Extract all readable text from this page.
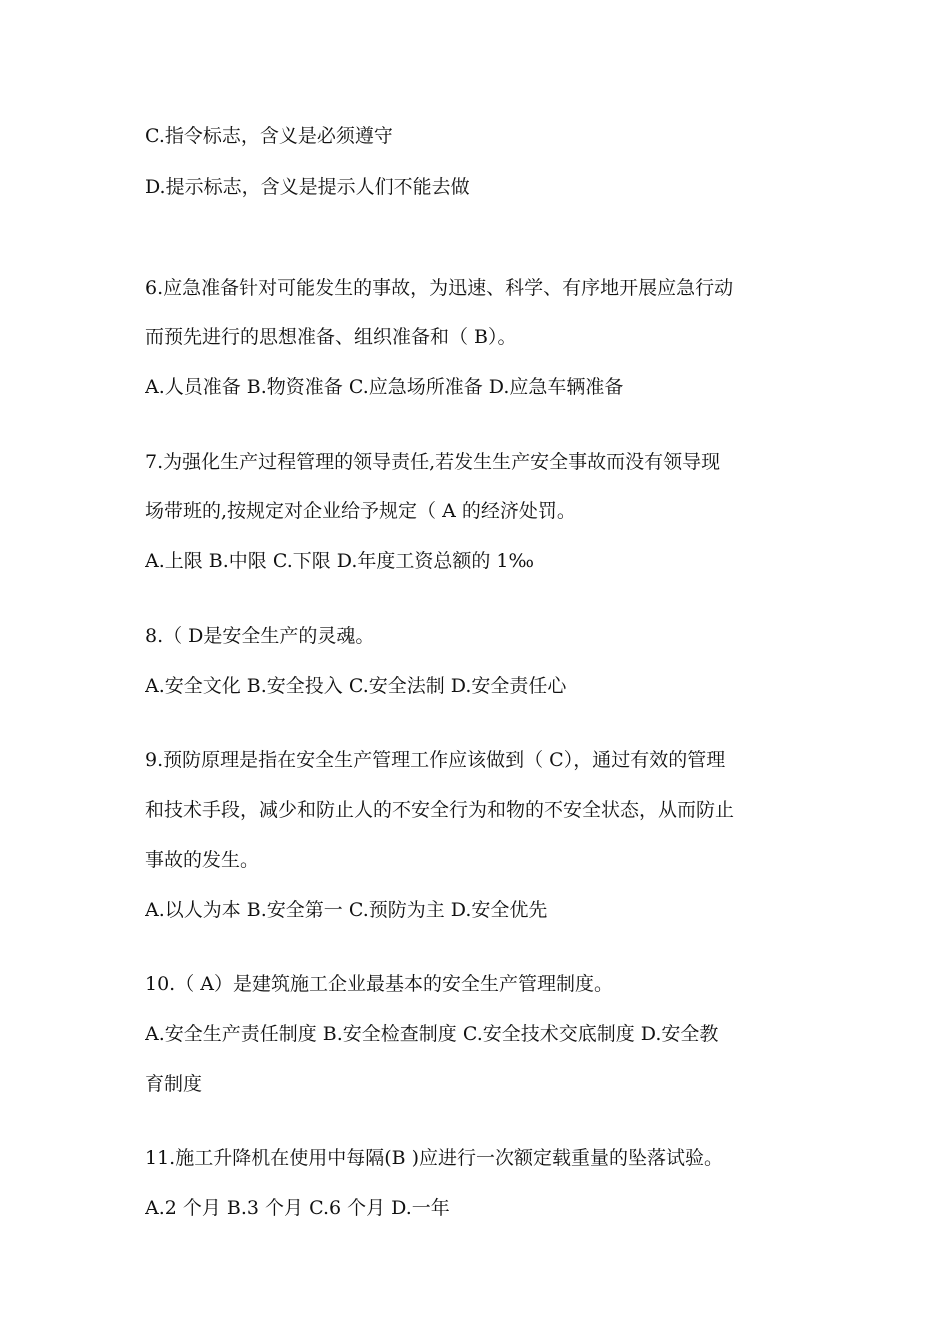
C.指令标志，含义是必须遵守
D.提示标志，含义是提示人们不能去做
6.应急准备针对可能发生的事故，为迅速、科学、有序地开展应急行动
而预先进行的思想准备、组织准备和（ B）。
A.人员准备 B.物资准备 C.应急场所准备 D.应急车辆准备
7.为强化生产过程管理的领导责任,若发生生产安全事故而没有领导现
场带班的,按规定对企业给予规定（ A 的经济处罚。
A.上限 B.中限 C.下限 D.年度工资总额的 1‰
8.（ D是安全生产的灵魂。
A.安全文化 B.安全投入 C.安全法制 D.安全责任心
9.预防原理是指在安全生产管理工作应该做到（ C），通过有效的管理
和技术手段，减少和防止人的不安全行为和物的不安全状态，从而防止
事故的发生。
A.以人为本 B.安全第一 C.预防为主 D.安全优先
10.（ A）是建筑施工企业最基本的安全生产管理制度。
A.安全生产责任制度 B.安全检查制度 C.安全技术交底制度 D.安全教
育制度
11.施工升降机在使用中每隔(B )应进行一次额定载重量的坠落试验。
A.2 个月 B.3 个月 C.6 个月 D.一年
